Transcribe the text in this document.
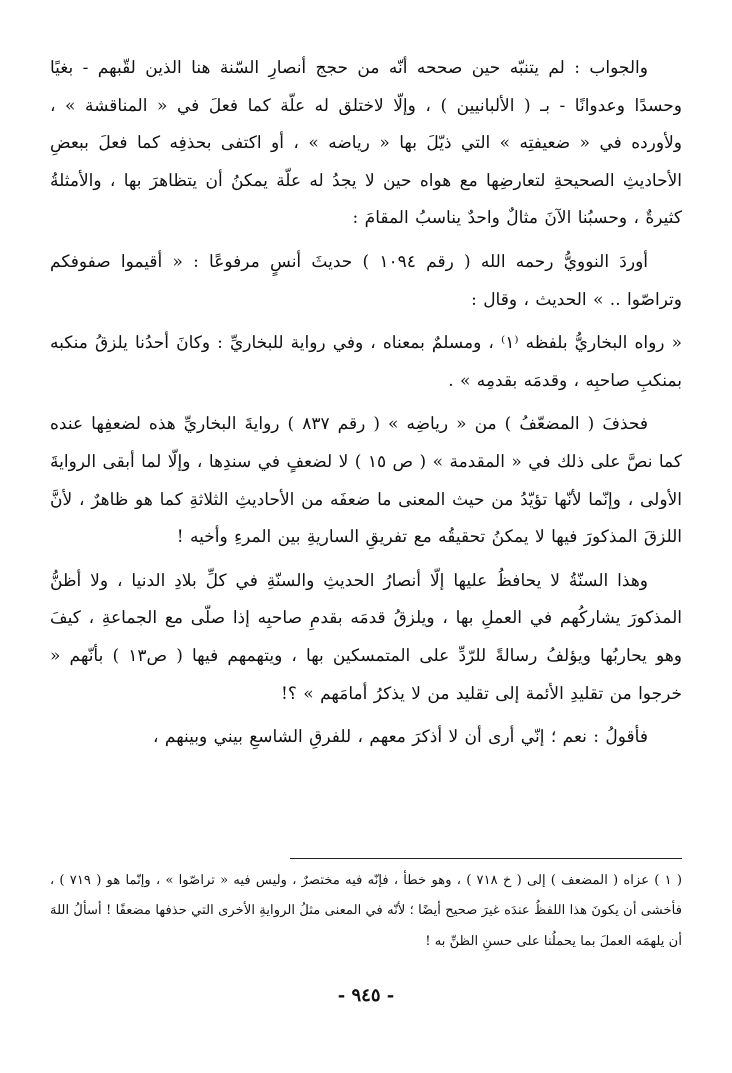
والجواب : لم يتنبّه حين صححه أنّه من حجج أنصارِ السّنة هنا الذين لقّبهم - بغيًا وحسدًا وعدوانًا - بـ ( الألبانيين ) ، وإلّا لاختلق له علّة كما فعلَ في « المناقشة » ، ولأورده في « ضعيفتِه » التي ذيّلَ بها « رياضه » ، أو اكتفى بحذفِه كما فعلَ ببعضِ الأحاديثِ الصحيحةِ لتعارضِها مع هواه حين لا يجدُ له علّة يمكنُ أن يتظاهرَ بها ، والأمثلةُ كثيرةٌ ، وحسبُنا الآنَ مثالٌ واحدٌ يناسبُ المقامَ :

أوردَ النوويُّ رحمه الله ( رقم ١٠٩٤ ) حديثَ أنسٍ مرفوعًا : « أقيموا صفوفكم وتراصّوا .. » الحديث ، وقال :

« رواه البخاريُّ بلفظه ⁽١⁾ ، ومسلمٌ بمعناه ، وفي رواية للبخاريِّ : وكانَ أحدُنا يلزقُ منكبه بمنكبِ صاحبِه ، وقدمَه بقدمِه » .

فحذفَ ( المضعّفُ ) من « رياضِه » ( رقم ٨٣٧ ) روايةَ البخاريِّ هذه لضعفِها عنده كما نصَّ على ذلك في « المقدمة » ( ص ١٥ ) لا لضعفٍ في سندِها ، وإلّا لما أبقى الروايةَ الأولى ، وإنّما لأنّها تؤيّدُ من حيث المعنى ما ضعفَه من الأحاديثِ الثلاثةِ كما هو ظاهرٌ ، لأنَّ اللزقَ المذكورَ فيها لا يمكنُ تحقيقُه مع تفريقِ الساريةِ بين المرءِ وأخيه !

وهذا السنّةُ لا يحافظُ عليها إلّا أنصارُ الحديثِ والسنّةِ في كلِّ بلادِ الدنيا ، ولا أظنُّ المذكورَ يشاركُهم في العملِ بها ، ويلزقُ قدمَه بقدمِ صاحبِه إذا صلّى مع الجماعةِ ، كيفَ وهو يحاربُها ويؤلفُ رسالةً للرّدِّ على المتمسكين بها ، ويتهمهم فيها ( ص١٣ ) بأنّهم « خرجوا من تقليدِ الأئمة إلى تقليد من لا يذكرُ أمامَهم » ؟!

فأقولُ : نعم ؛ إنّي أرى أن لا أذكرَ معهم ، للفرقِ الشاسعِ بيني وبينهم ،

( ١ ) عزاه ( المضعف ) إلى ( خ ٧١٨ ) ، وهو خطأ ، فإنّه فيه مختصرٌ ، وليس فيه « تراصّوا » ، وإنّما هو ( ٧١٩ ) ، فأخشى أن يكونَ هذا اللفظُ عندَه غيرَ صحيح أيضًا ؛ لأنّه في المعنى مثلُ الروايةِ الأخرى التي حذفها مضعفًا ! أسألُ اللهَ أن يلهمَه العملَ بما يحملُنا على حسنِ الظنِّ به !

- ٩٤٥ -
